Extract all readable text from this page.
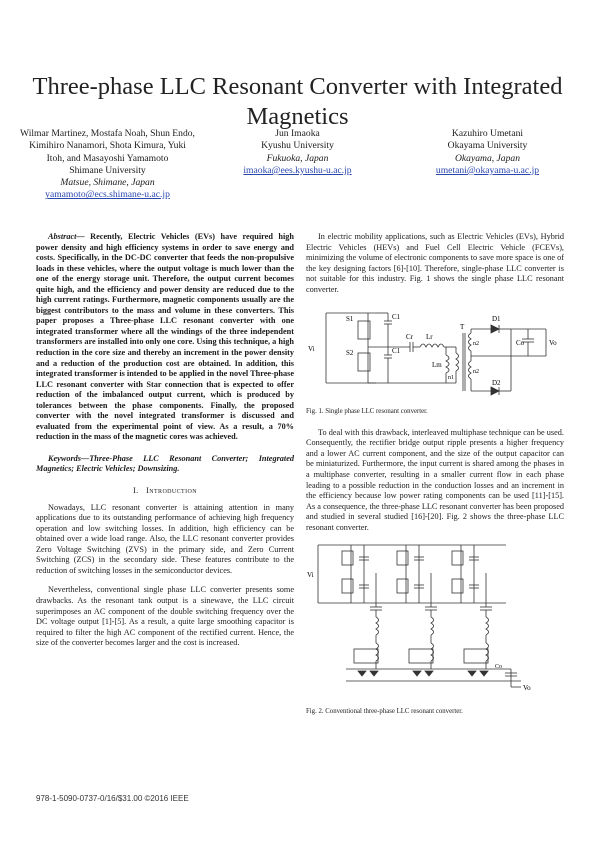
Three-phase LLC Resonant Converter with Integrated Magnetics
Wilmar Martinez, Mostafa Noah, Shun Endo, Kimihiro Nanamori, Shota Kimura, Yuki Itoh, and Masayoshi Yamamoto
Shimane University
Matsue, Shimane, Japan
yamamoto@ecs.shimane-u.ac.jp
Jun Imaoka
Kyushu University
Fukuoka, Japan
imaoka@ees.kyushu-u.ac.jp
Kazuhiro Umetani
Okayama University
Okayama, Japan
umetani@okayama-u.ac.jp

Abstract— Recently, Electric Vehicles (EVs) have required high power density and high efficiency systems in order to save energy and costs. Specifically, in the DC-DC converter that feeds the non-propulsive loads in these vehicles, where the output voltage is much lower than the one of the energy storage unit. Therefore, the output current becomes quite high, and the efficiency and power density are reduced due to the high current ratings. Furthermore, magnetic components usually are the biggest contributors to the mass and volume in these converters. This paper proposes a Three-phase LLC resonant converter with one integrated transformer where all the windings of the three independent transformers are installed into only one core. Using this technique, a high reduction in the core size and thereby an increment in the power density and a reduction of the production cost are obtained. In addition, this integrated transformer is intended to be applied in the novel Three-phase LLC resonant converter with Star connection that is expected to offer reduction of the imbalanced output current, which is produced by tolerances between the phase components. Finally, the proposed converter with the novel integrated transformer is discussed and evaluated from the experimental point of view. As a result, a 70% reduction in the mass of the magnetic cores was achieved.

Keywords—Three-Phase LLC Resonant Converter; Integrated Magnetics; Electric Vehicles; Downsizing.

I. Introduction

Nowadays, LLC resonant converter is attaining attention in many applications due to its outstanding performance of achieving high frequency operation and low switching losses. In addition, high efficiency can be obtained over a wide load range. Also, the LLC resonant converter provides Zero Voltage Switching (ZVS) in the primary side, and Zero Current Switching (ZCS) in the secondary side. These features contribute to the reduction of switching losses in the semiconductor devices.

Nevertheless, conventional single phase LLC converter presents some drawbacks. As the resonant tank output is a sinewave, the LLC circuit superimposes an AC component of the double switching frequency over the DC voltage output [1]-[5]. As a result, a quite large smoothing capacitor is required to filter the high AC component of the rectified current. Hence, the size of the converter becomes larger and the cost is increased.

In electric mobility applications, such as Electric Vehicles (EVs), Hybrid Electric Vehicles (HEVs) and Fuel Cell Electric Vehicle (FCEVs), minimizing the volume of electronic components to save more space is one of the key designing factors [6]-[10]. Therefore, single-phase LLC converter is not suitable for this industry. Fig. 1 shows the single phase LLC resonant converter.

Vi
S1
S2
C1
C1
Cr Lr
Lm
T
n1
n2
n2
D1
D2
Co	Vo

Fig. 1. Single phase LLC resonant converter.

To deal with this drawback, interleaved multiphase technique can be used. Consequently, the rectifier bridge output ripple presents a higher frequency and a lower AC current component, and the size of the output capacitor can be miniaturized. Furthermore, the input current is shared among the phases in a multiphase converter, resulting in a smaller current flow in each phase leading to a possible reduction in the conduction losses and an increment in the efficiency because low power rating components can be used [11]-[15]. As a consequence, the three-phase LLC resonant converter has been proposed and studied in several studied [16]-[20]. Fig. 2 shows the three-phase LLC resonant converter.

Vi
Co
Vo

Fig. 2. Conventional three-phase LLC resonant converter.

978-1-5090-0737-0/16/$31.00 ©2016 IEEE
